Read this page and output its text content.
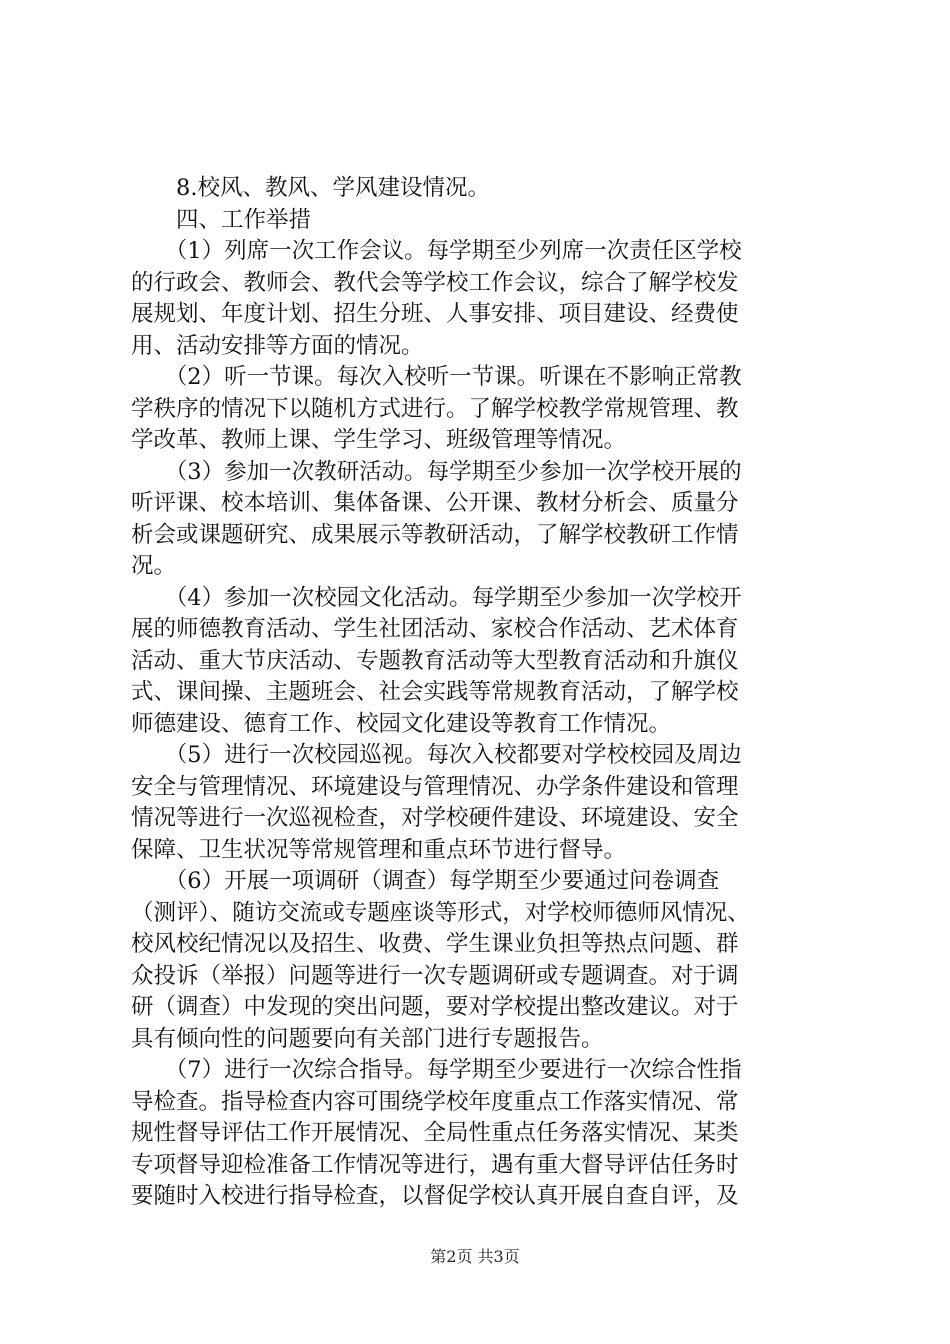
　　8.校风、教风、学风建设情况。
　　四、工作举措
　　（1）列席一次工作会议。每学期至少列席一次责任区学校
的行政会、教师会、教代会等学校工作会议，综合了解学校发
展规划、年度计划、招生分班、人事安排、项目建设、经费使
用、活动安排等方面的情况。
　　（2）听一节课。每次入校听一节课。听课在不影响正常教
学秩序的情况下以随机方式进行。了解学校教学常规管理、教
学改革、教师上课、学生学习、班级管理等情况。
　　（3）参加一次教研活动。每学期至少参加一次学校开展的
听评课、校本培训、集体备课、公开课、教材分析会、质量分
析会或课题研究、成果展示等教研活动，了解学校教研工作情
况。
　　（4）参加一次校园文化活动。每学期至少参加一次学校开
展的师德教育活动、学生社团活动、家校合作活动、艺术体育
活动、重大节庆活动、专题教育活动等大型教育活动和升旗仪
式、课间操、主题班会、社会实践等常规教育活动，了解学校
师德建设、德育工作、校园文化建设等教育工作情况。
　　（5）进行一次校园巡视。每次入校都要对学校校园及周边
安全与管理情况、环境建设与管理情况、办学条件建设和管理
情况等进行一次巡视检查，对学校硬件建设、环境建设、安全
保障、卫生状况等常规管理和重点环节进行督导。
　　（6）开展一项调研（调查）每学期至少要通过问卷调查
（测评）、随访交流或专题座谈等形式，对学校师德师风情况、
校风校纪情况以及招生、收费、学生课业负担等热点问题、群
众投诉（举报）问题等进行一次专题调研或专题调查。对于调
研（调查）中发现的突出问题，要对学校提出整改建议。对于
具有倾向性的问题要向有关部门进行专题报告。
　　（7）进行一次综合指导。每学期至少要进行一次综合性指
导检查。指导检查内容可围绕学校年度重点工作落实情况、常
规性督导评估工作开展情况、全局性重点任务落实情况、某类
专项督导迎检准备工作情况等进行，遇有重大督导评估任务时
要随时入校进行指导检查，以督促学校认真开展自查自评，及
第2页 共3页
